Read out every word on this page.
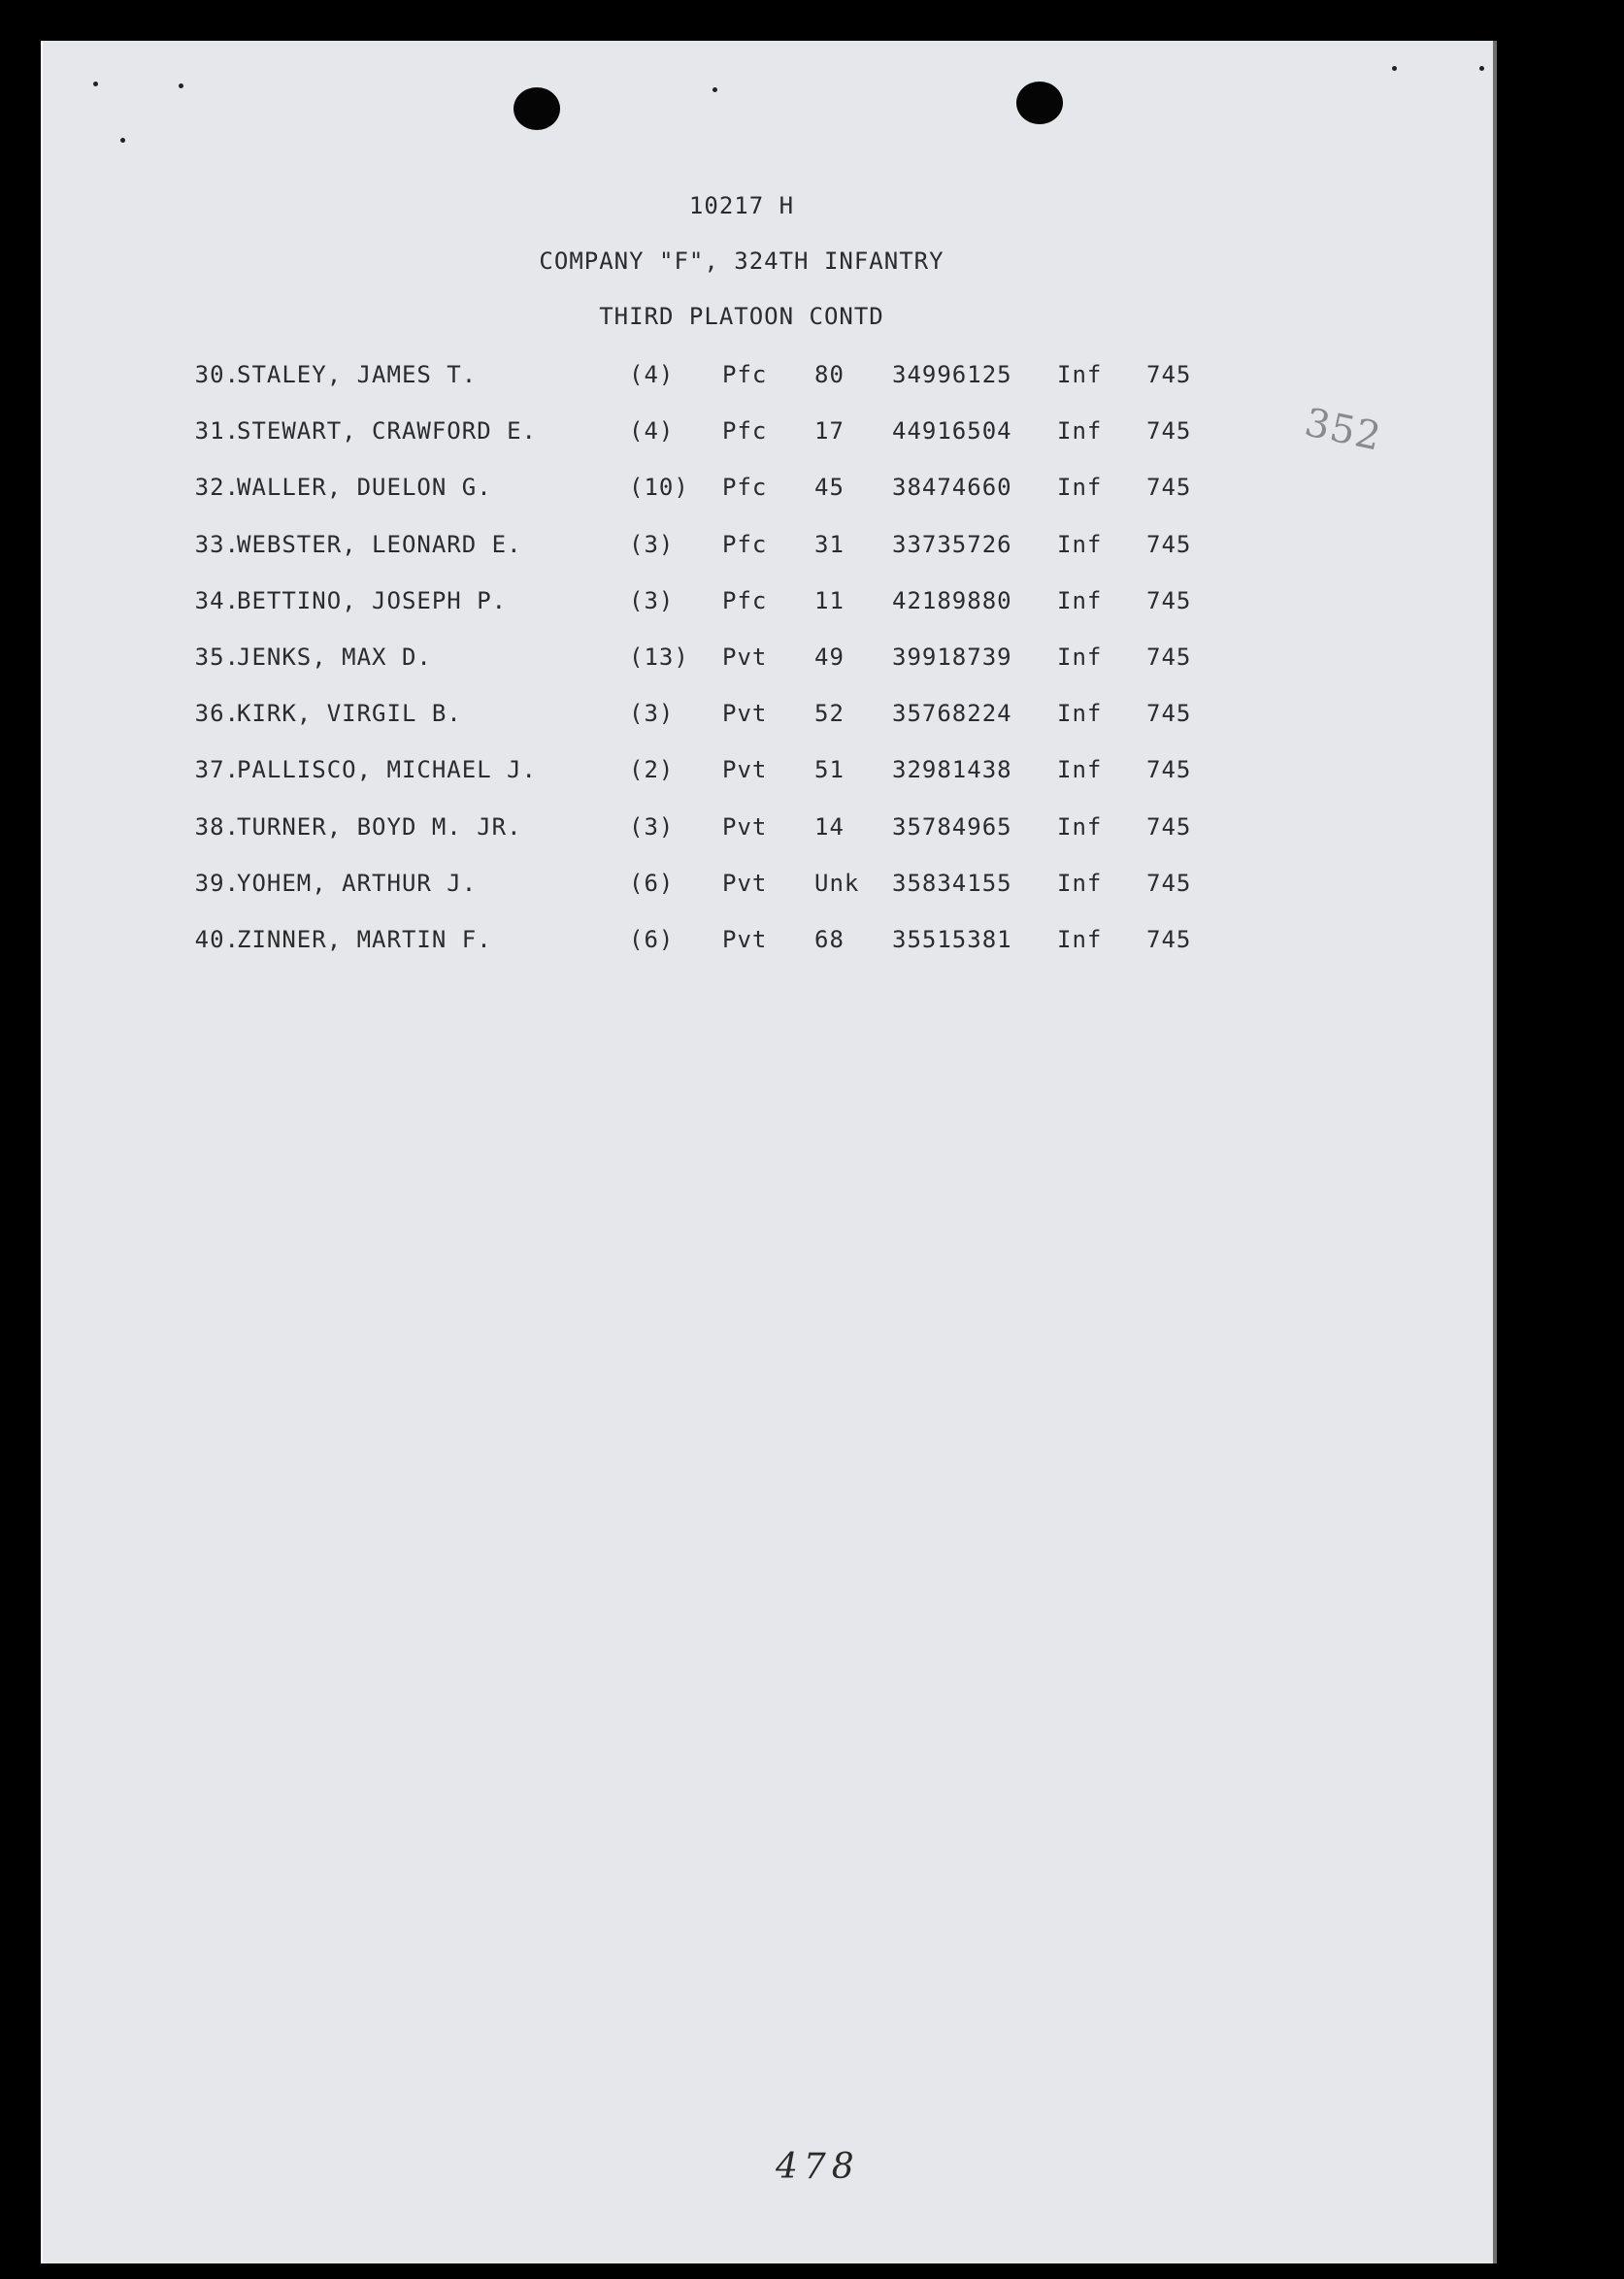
10217 H
COMPANY "F", 324TH INFANTRY
THIRD PLATOON CONTD
352
30.
STALEY, JAMES T.	(4) Pfc 80 34996125 Inf 745
31.
STEWART, CRAWFORD E.	(4) Pfc 17 44916504 Inf 745
32.
WALLER, DUELON G.	(10) Pfc 45 38474660 Inf 745
33.
WEBSTER, LEONARD E.	(3) Pfc 31 33735726 Inf 745
34.
BETTINO, JOSEPH P.	(3) Pfc 11 42189880 Inf 745
35.
JENKS, MAX D.	(13) Pvt 49 39918739 Inf 745
36.
KIRK, VIRGIL B.	(3) Pvt 52 35768224 Inf 745
37.
PALLISCO, MICHAEL J.	(2) Pvt 51 32981438 Inf 745
38.
TURNER, BOYD M. JR.	(3) Pvt 14 35784965 Inf 745
39.
YOHEM, ARTHUR J.	(6) Pvt Unk 35834155 Inf 745
40.
ZINNER, MARTIN F.	(6) Pvt 68 35515381 Inf 745
478
